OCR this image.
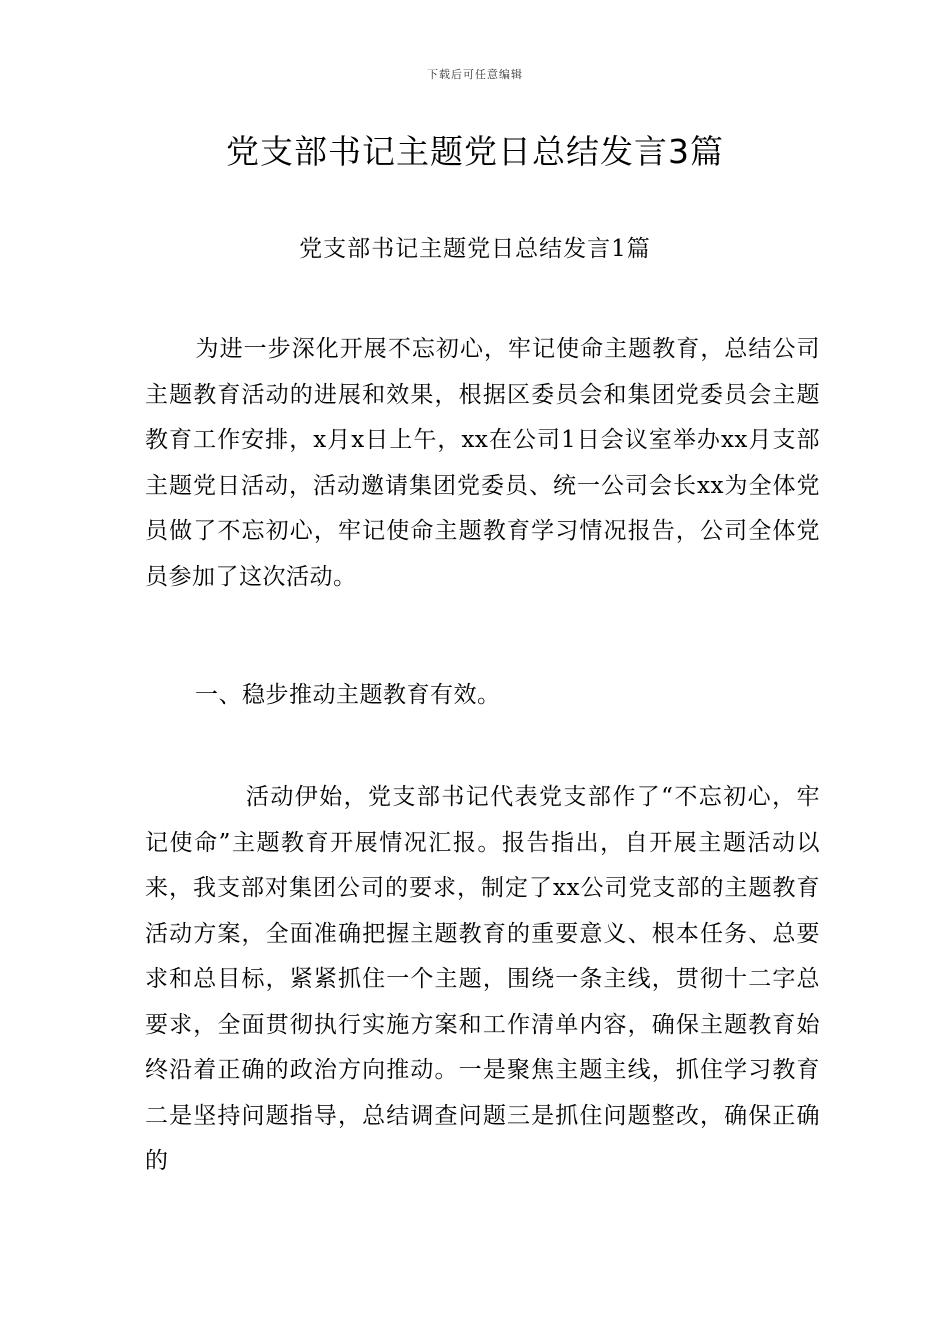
下载后可任意编辑
党支部书记主题党日总结发言3篇
党支部书记主题党日总结发言1篇
为进一步深化开展不忘初心，牢记使命主题教育，总结公司主题教育活动的进展和效果，根据区委员会和集团党委员会主题教育工作安排，x月x日上午，xx在公司1日会议室举办xx月支部主题党日活动，活动邀请集团党委员、统一公司会长xx为全体党员做了不忘初心，牢记使命主题教育学习情况报告，公司全体党员参加了这次活动。
一、稳步推动主题教育有效。
活动伊始，党支部书记代表党支部作了“不忘初心，牢记使命”主题教育开展情况汇报。报告指出，自开展主题活动以来，我支部对集团公司的要求，制定了xx公司党支部的主题教育活动方案，全面准确把握主题教育的重要意义、根本任务、总要求和总目标，紧紧抓住一个主题，围绕一条主线，贯彻十二字总要求，全面贯彻执行实施方案和工作清单内容，确保主题教育始终沿着正确的政治方向推动。一是聚焦主题主线，抓住学习教育二是坚持问题指导，总结调查问题三是抓住问题整改，确保正确的
